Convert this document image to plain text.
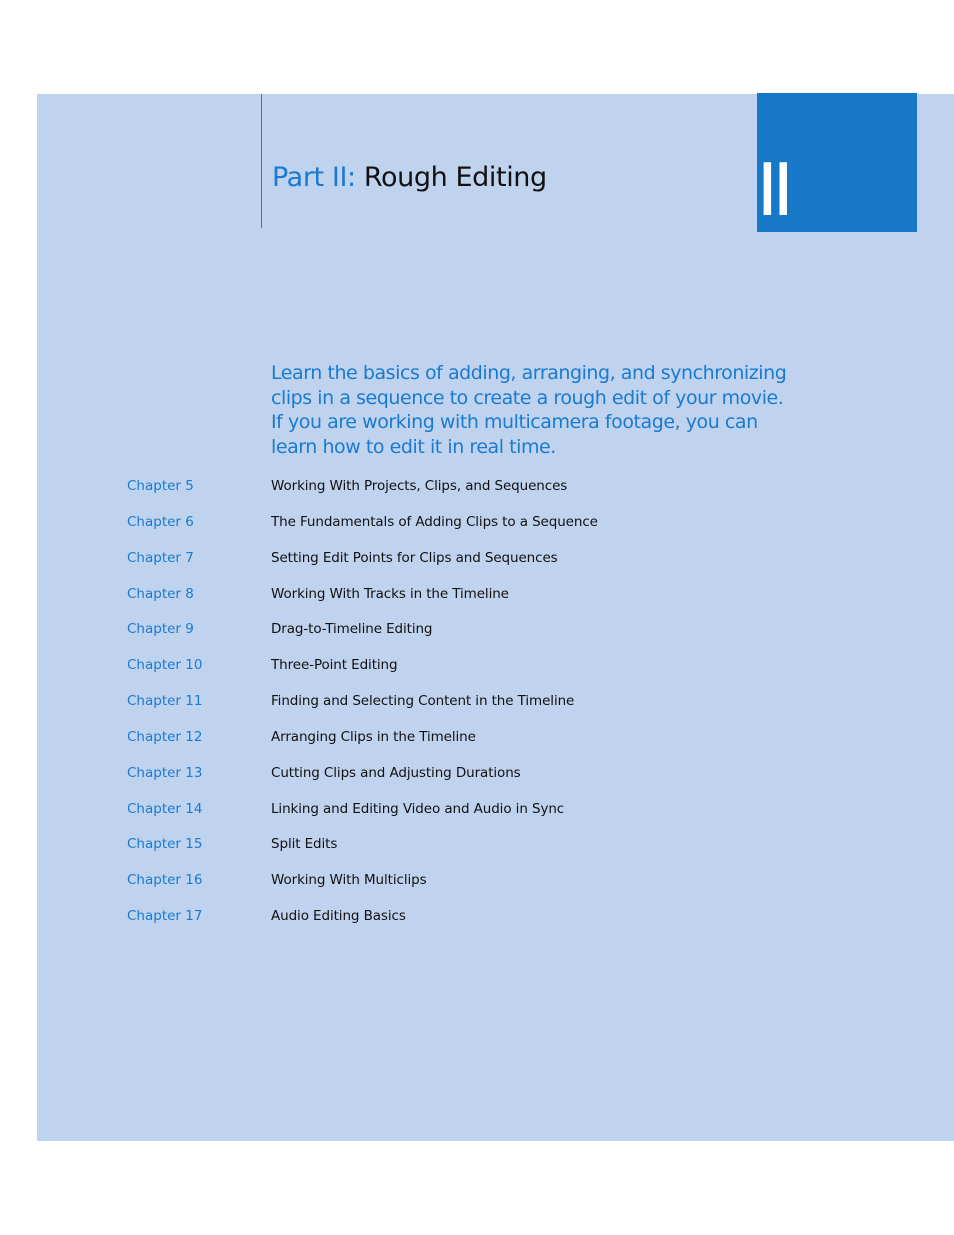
Part II: Rough Editing	II

Learn the basics of adding, arranging, and synchronizing clips in a sequence to create a rough edit of your movie. If you are working with multicamera footage, you can learn how to edit it in real time.

Chapter 5	Working With Projects, Clips, and Sequences
Chapter 6	The Fundamentals of Adding Clips to a Sequence
Chapter 7	Setting Edit Points for Clips and Sequences
Chapter 8	Working With Tracks in the Timeline
Chapter 9	Drag-to-Timeline Editing
Chapter 10	Three-Point Editing
Chapter 11	Finding and Selecting Content in the Timeline
Chapter 12	Arranging Clips in the Timeline
Chapter 13	Cutting Clips and Adjusting Durations
Chapter 14	Linking and Editing Video and Audio in Sync
Chapter 15	Split Edits
Chapter 16	Working With Multiclips
Chapter 17	Audio Editing Basics
